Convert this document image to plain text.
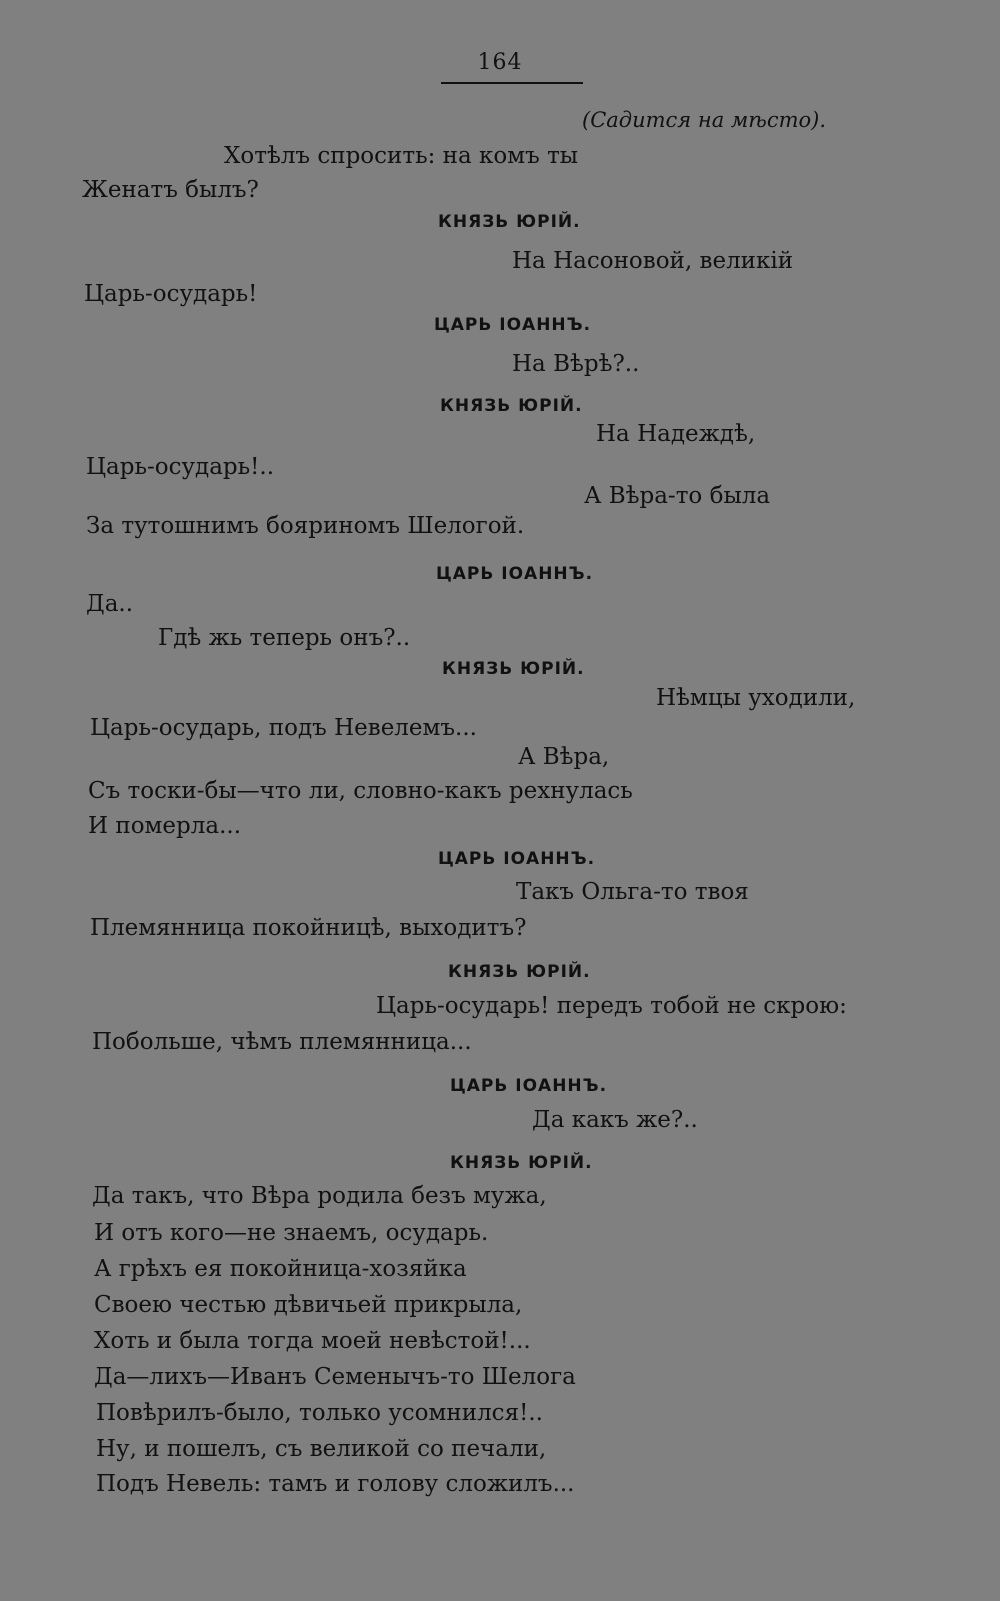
164
(Садится на мѣсто).
Хотѣлъ спросить: на комъ ты
Женатъ былъ?
КНЯЗЬ ЮРІЙ.
На Насоновой, великій
Царь-осударь!
ЦАРЬ ІОАННЪ.
На Вѣрѣ?..
КНЯЗЬ ЮРІЙ.
На Надеждѣ,
Царь-осударь!..
А Вѣра-то была
За тутошнимъ бояриномъ Шелогой.
ЦАРЬ ІОАННЪ.
Да..
Гдѣ жь теперь онъ?..
КНЯЗЬ ЮРІЙ.
Нѣмцы уходили,
Царь-осударь, подъ Невелемъ...
А Вѣра,
Съ тоски-бы—что ли, словно-какъ рехнулась
И померла...
ЦАРЬ ІОАННЪ.
Такъ Ольга-то твоя
Племянница покойницѣ, выходитъ?
КНЯЗЬ ЮРІЙ.
Царь-осударь! передъ тобой не скрою:
Побольше, чѣмъ племянница...
ЦАРЬ ІОАННЪ.
Да какъ же?..
КНЯЗЬ ЮРІЙ.
Да такъ, что Вѣра родила безъ мужа,
И отъ кого—не знаемъ, осударь.
А грѣхъ ея покойница-хозяйка
Своею честью дѣвичьей прикрыла,
Хоть и была тогда моей невѣстой!...
Да—лихъ—Иванъ Семенычъ-то Шелога
Повѣрилъ-было, только усомнился!..
Ну, и пошелъ, съ великой со печали,
Подъ Невель: тамъ и голову сложилъ...
